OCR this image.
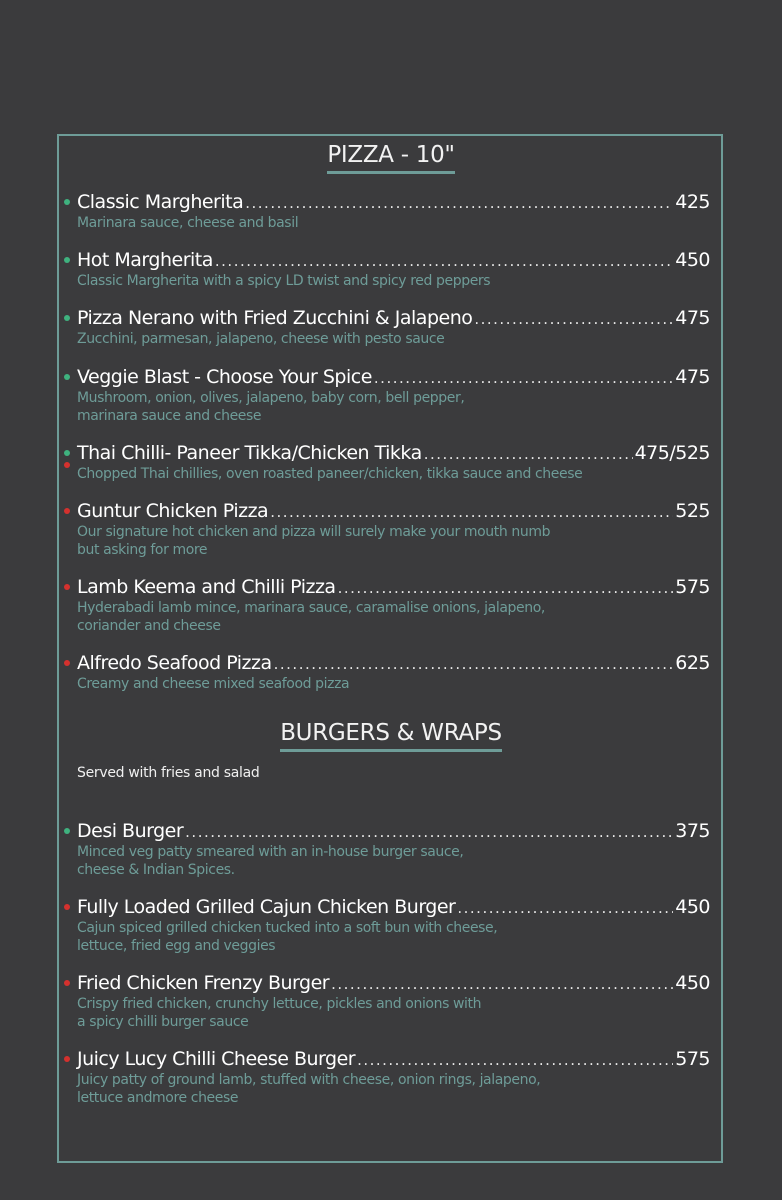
PIZZA - 10"
Classic Margherita .....	425
Marinara sauce, cheese and basil
Hot Margherita .....	450
Classic Margherita with a spicy LD twist and spicy red peppers
Pizza Nerano with Fried Zucchini & Jalapeno .....	475
Zucchini, parmesan, jalapeno, cheese with pesto sauce
Veggie Blast - Choose Your Spice .....	475
Mushroom, onion, olives, jalapeno, baby corn, bell pepper,
marinara sauce and cheese
Thai Chilli- Paneer Tikka/Chicken Tikka .....	475/525
Chopped Thai chillies, oven roasted paneer/chicken, tikka sauce and cheese
Guntur Chicken Pizza .....	525
Our signature hot chicken and pizza will surely make your mouth numb
but asking for more
Lamb Keema and Chilli Pizza .....	575
Hyderabadi lamb mince, marinara sauce, caramalise onions, jalapeno,
coriander and cheese
Alfredo Seafood Pizza .....	625
Creamy and cheese mixed seafood pizza
BURGERS & WRAPS
Served with fries and salad
Desi Burger .....	375
Minced veg patty smeared with an in-house burger sauce,
cheese & Indian Spices.
Fully Loaded Grilled Cajun Chicken Burger .....	450
Cajun spiced grilled chicken tucked into a soft bun with cheese,
lettuce, fried egg and veggies
Fried Chicken Frenzy Burger .....	450
Crispy fried chicken, crunchy lettuce, pickles and onions with
a spicy chilli burger sauce
Juicy Lucy Chilli Cheese Burger .....	575
Juicy patty of ground lamb, stuffed with cheese, onion rings, jalapeno,
lettuce andmore cheese
